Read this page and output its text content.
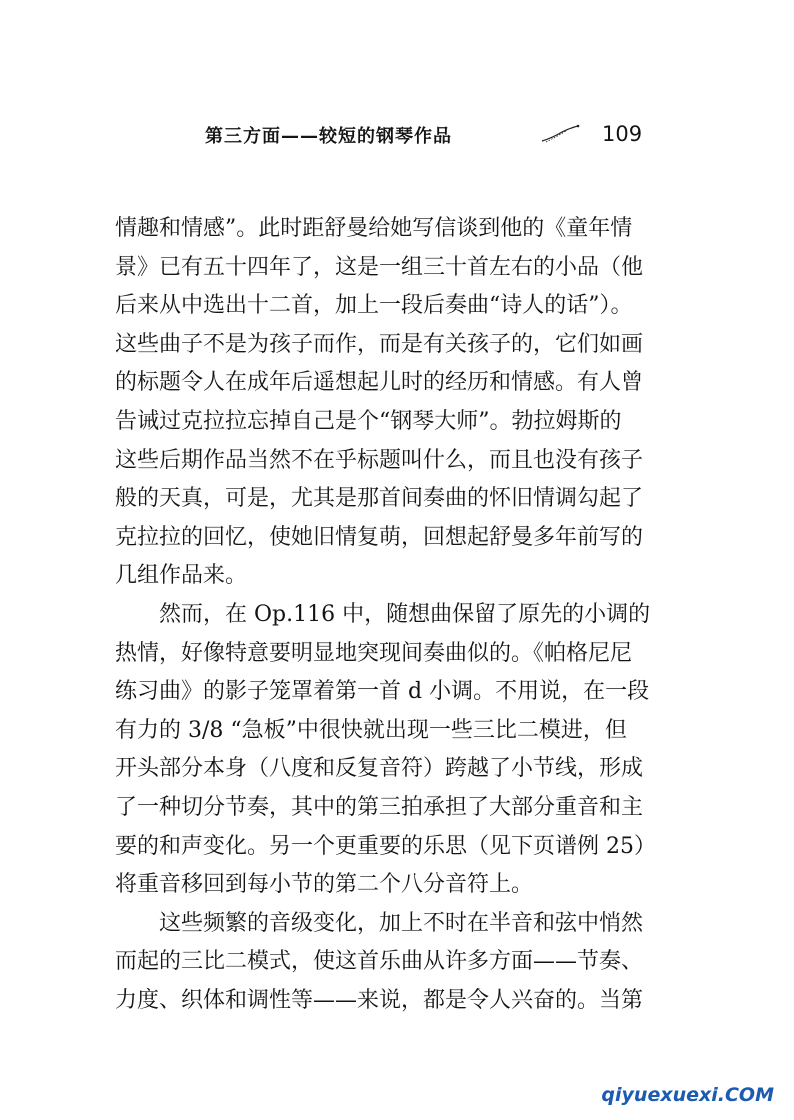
第三方面——较短的钢琴作品	109
情趣和情感”。此时距舒曼给她写信谈到他的《童年情
景》已有五十四年了，这是一组三十首左右的小品（他
后来从中选出十二首，加上一段后奏曲“诗人的话”）。
这些曲子不是为孩子而作，而是有关孩子的，它们如画
的标题令人在成年后遥想起儿时的经历和情感。有人曾
告诫过克拉拉忘掉自己是个“钢琴大师”。勃拉姆斯的
这些后期作品当然不在乎标题叫什么，而且也没有孩子
般的天真，可是，尤其是那首间奏曲的怀旧情调勾起了
克拉拉的回忆，使她旧情复萌，回想起舒曼多年前写的
几组作品来。
　　然而，在 Op.116 中，随想曲保留了原先的小调的
热情，好像特意要明显地突现间奏曲似的。《帕格尼尼
练习曲》的影子笼罩着第一首 d 小调。不用说，在一段
有力的 3/8 “急板”中很快就出现一些三比二模进，但
开头部分本身（八度和反复音符）跨越了小节线，形成
了一种切分节奏，其中的第三拍承担了大部分重音和主
要的和声变化。另一个更重要的乐思（见下页谱例 25）
将重音移回到每小节的第二个八分音符上。
　　这些频繁的音级变化，加上不时在半音和弦中悄然
而起的三比二模式，使这首乐曲从许多方面——节奏、
力度、织体和调性等——来说，都是令人兴奋的。当第
qiyuexuexi.COM
